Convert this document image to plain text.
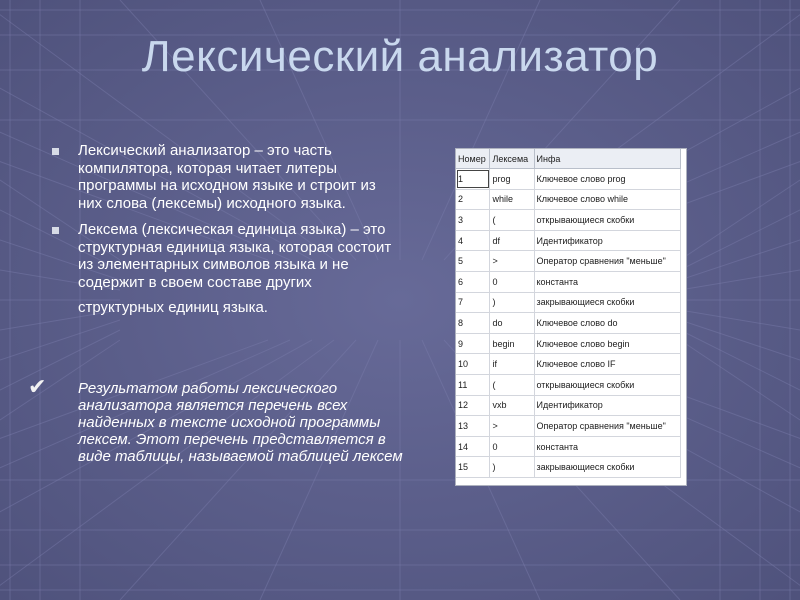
Лексический анализатор
Лексический анализатор – это часть компилятора, которая читает литеры программы на исходном языке и строит из них слова (лексемы) исходного языка.
Лексема (лексическая единица языка) – это структурная единица языка, которая состоит из элементарных символов языка и не содержит в своем составе других
структурных единиц языка.
✔	Результатом работы лексического анализатора является перечень всех найденных в тексте исходной программы лексем. Этот перечень представляется в виде таблицы, называемой таблицей лексем
Номер	Лексема	Инфа
1	prog	Ключевое слово prog
2	while	Ключевое слово while
3	(	открывающиеся скобки
4	df	Идентификатор
5	>	Оператор сравнения "меньше"
6	0	константа
7	)	закрывающиеся скобки
8	do	Ключевое слово do
9	begin	Ключевое слово begin
10	if	Ключевое слово IF
11	(	открывающиеся скобки
12	vxb	Идентификатор
13	>	Оператор сравнения "меньше"
14	0	константа
15	)	закрывающиеся скобки
